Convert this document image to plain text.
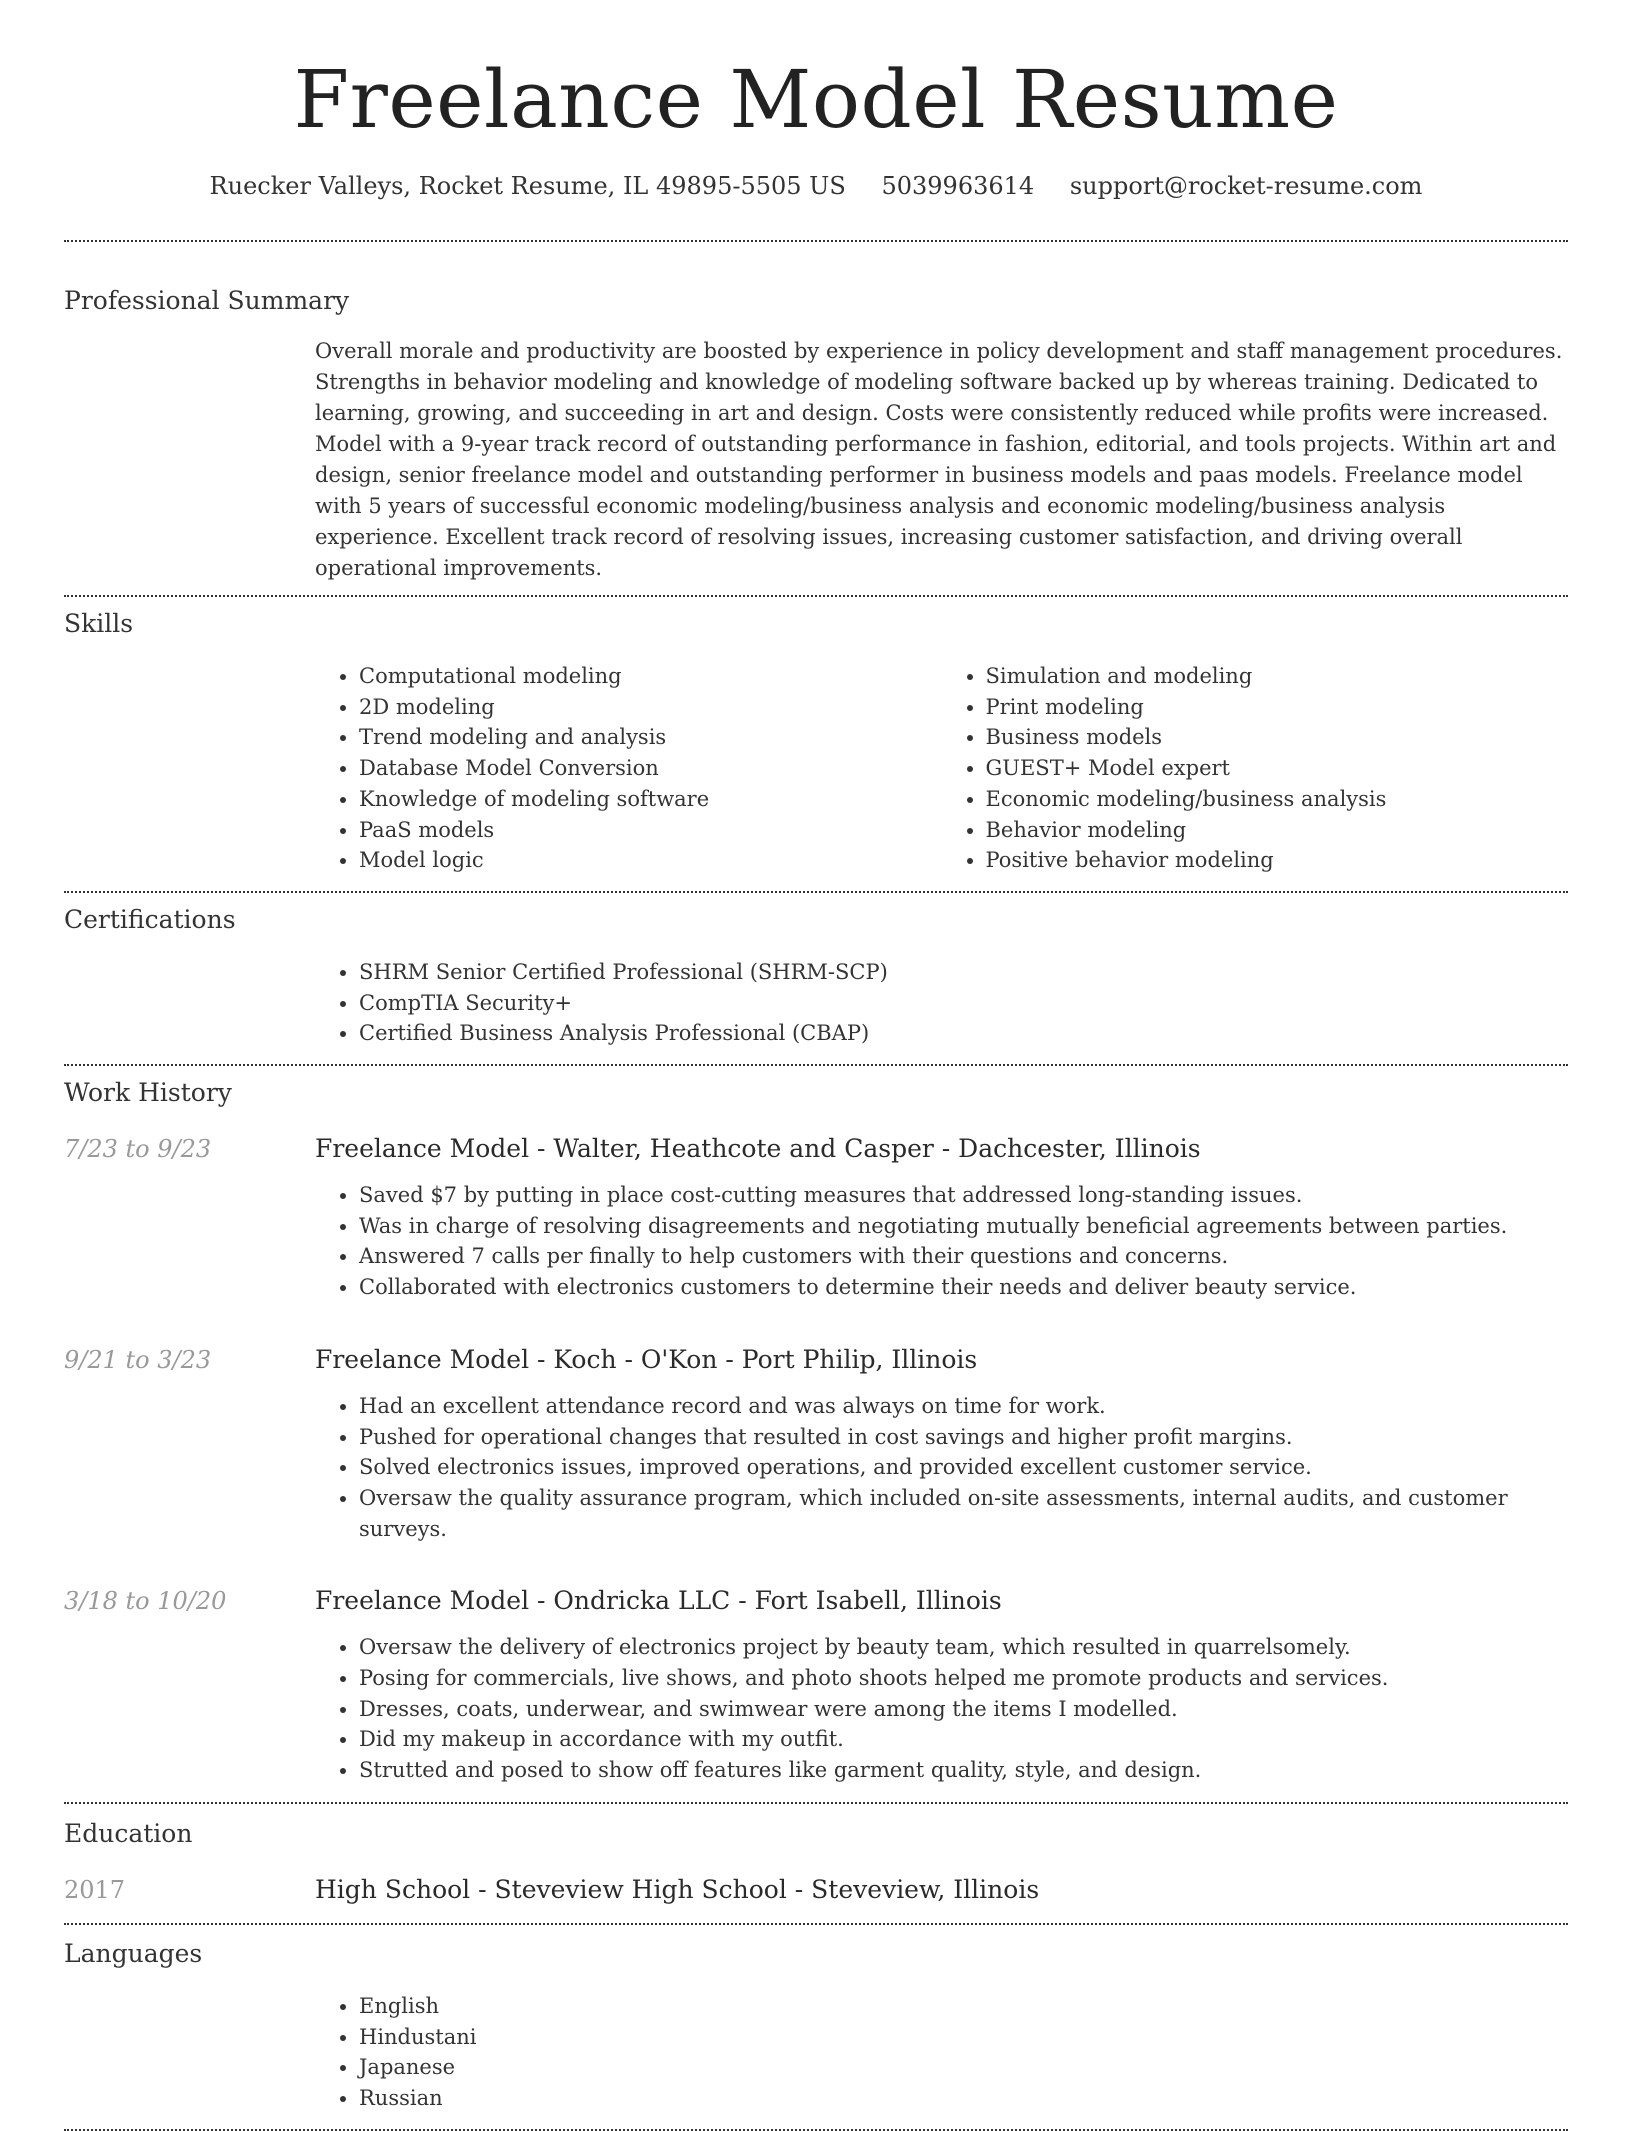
Freelance Model Resume
Ruecker Valleys, Rocket Resume, IL 49895-5505 US 5039963614 support@rocket-resume.com
Professional Summary

Overall morale and productivity are boosted by experience in policy development and staff management procedures. Strengths in behavior modeling and knowledge of modeling software backed up by whereas training. Dedicated to learning, growing, and succeeding in art and design. Costs were consistently reduced while profits were increased. Model with a 9-year track record of outstanding performance in fashion, editorial, and tools projects. Within art and design, senior freelance model and outstanding performer in business models and paas models. Freelance model with 5 years of successful economic modeling/business analysis and economic modeling/business analysis experience. Excellent track record of resolving issues, increasing customer satisfaction, and driving overall operational improvements.

Skills
• Computational modeling
• 2D modeling
• Trend modeling and analysis
• Database Model Conversion
• Knowledge of modeling software
• PaaS models
• Model logic
• Simulation and modeling
• Print modeling
• Business models
• GUEST+ Model expert
• Economic modeling/business analysis
• Behavior modeling
• Positive behavior modeling
Certifications
• SHRM Senior Certified Professional (SHRM-SCP)
• CompTIA Security+
• Certified Business Analysis Professional (CBAP)
Work History
7/23 to 9/23	Freelance Model - Walter, Heathcote and Casper - Dachcester, Illinois
• Saved $7 by putting in place cost-cutting measures that addressed long-standing issues.
• Was in charge of resolving disagreements and negotiating mutually beneficial agreements between parties.
• Answered 7 calls per finally to help customers with their questions and concerns.
• Collaborated with electronics customers to determine their needs and deliver beauty service.
9/21 to 3/23	Freelance Model - Koch - O'Kon - Port Philip, Illinois
• Had an excellent attendance record and was always on time for work.
• Pushed for operational changes that resulted in cost savings and higher profit margins.
• Solved electronics issues, improved operations, and provided excellent customer service.
• Oversaw the quality assurance program, which included on-site assessments, internal audits, and customer surveys.
3/18 to 10/20	Freelance Model - Ondricka LLC - Fort Isabell, Illinois
• Oversaw the delivery of electronics project by beauty team, which resulted in quarrelsomely.
• Posing for commercials, live shows, and photo shoots helped me promote products and services.
• Dresses, coats, underwear, and swimwear were among the items I modelled.
• Did my makeup in accordance with my outfit.
• Strutted and posed to show off features like garment quality, style, and design.
Education
2017	High School - Steveview High School - Steveview, Illinois
Languages
• English
• Hindustani
• Japanese
• Russian
